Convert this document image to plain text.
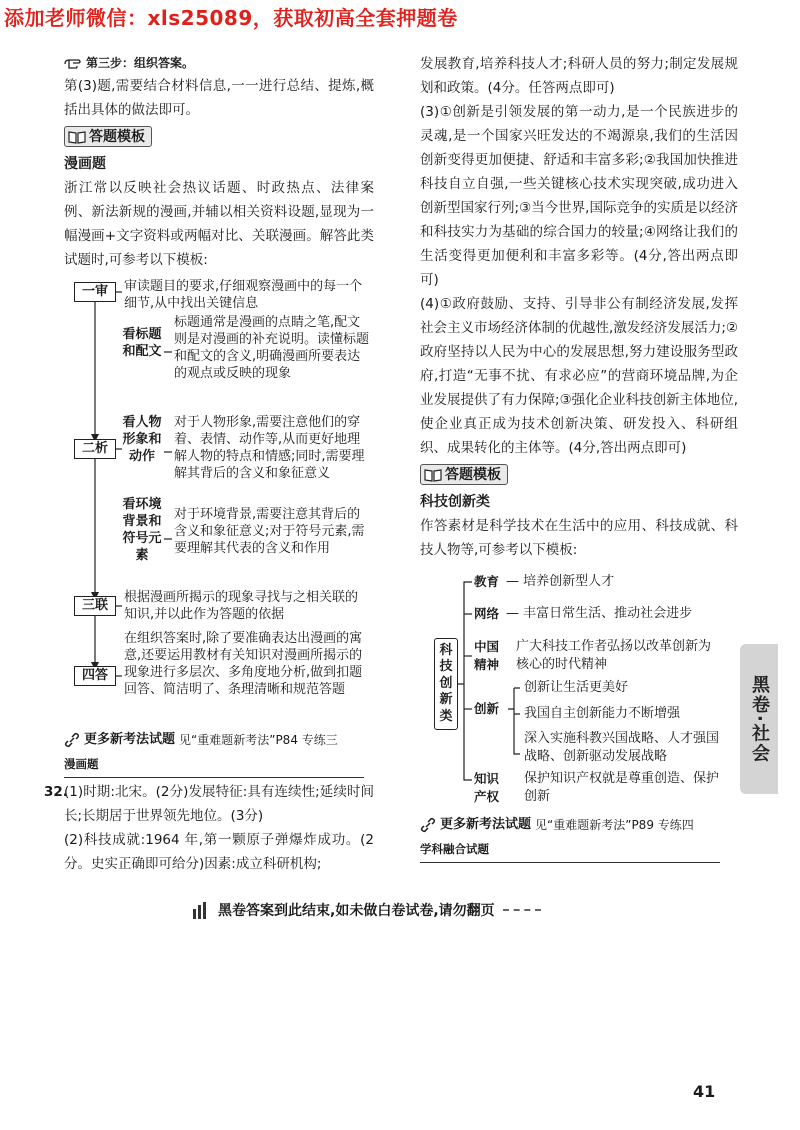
添加老师微信：xls25089，获取初高全套押题卷
第三步：组织答案。
第(3)题,需要结合材料信息,一一进行总结、提炼,概括出具体的做法即可。
答题模板
漫画题
浙江常以反映社会热议话题、时政热点、法律案例、新法新规的漫画,并辅以相关资料设题,显现为一幅漫画+文字资料或两幅对比、关联漫画。解答此类试题时,可参考以下模板:
一审	审读题目的要求,仔细观察漫画中的每一个细节,从中找出关键信息
看标题和配文
标题通常是漫画的点睛之笔,配文则是对漫画的补充说明。读懂标题和配文的含义,明确漫画所要表达的观点或反映的现象
二析
看人物形象和动作
对于人物形象,需要注意他们的穿着、表情、动作等,从而更好地理解人物的特点和情感;同时,需要理解其背后的含义和象征意义
看环境背景和符号元素
对于环境背景,需要注意其背后的含义和象征意义;对于符号元素,需要理解其代表的含义和作用
三联
根据漫画所揭示的现象寻找与之相关联的知识,并以此作为答题的依据
四答
在组织答案时,除了要准确表达出漫画的寓意,还要运用教材有关知识对漫画所揭示的现象进行多层次、多角度地分析,做到扣题回答、简洁明了、条理清晰和规范答题
更多新考法试题 见“重难题新考法”P84 专练三
漫画题
32.
(1)时期:北宋。(2分)发展特征:具有连续性;延续时间长;长期居于世界领先地位。(3分)
(2)科技成就:1964 年,第一颗原子弹爆炸成功。(2分。史实正确即可给分)因素:成立科研机构;
发展教育,培养科技人才;科研人员的努力;制定发展规划和政策。(4分。任答两点即可)
(3)①创新是引领发展的第一动力,是一个民族进步的灵魂,是一个国家兴旺发达的不竭源泉,我们的生活因创新变得更加便捷、舒适和丰富多彩;②我国加快推进科技自立自强,一些关键核心技术实现突破,成功进入创新型国家行列;③当今世界,国际竞争的实质是以经济和科技实力为基础的综合国力的较量;④网络让我们的生活变得更加便利和丰富多彩等。(4分,答出两点即可)
(4)①政府鼓励、支持、引导非公有制经济发展,发挥社会主义市场经济体制的优越性,激发经济发展活力;②政府坚持以人民为中心的发展思想,努力建设服务型政府,打造“无事不扰、有求必应”的营商环境品牌,为企业发展提供了有力保障;③强化企业科技创新主体地位,使企业真正成为技术创新决策、研发投入、科研组织、成果转化的主体等。(4分,答出两点即可)
答题模板
科技创新类
作答素材是科学技术在生活中的应用、科技成就、科技人物等,可参考以下模板:
科技创新类
教育 — 培养创新型人才
网络 — 丰富日常生活、推动社会进步
中国精神
广大科技工作者弘扬以改革创新为核心的时代精神
创新
创新让生活更美好
我国自主创新能力不断增强
深入实施科教兴国战略、人才强国战略、创新驱动发展战略
知识产权
保护知识产权就是尊重创造、保护创新
更多新考法试题 见“重难题新考法”P89 专练四
学科融合试题
黑卷·社会
黑卷答案到此结束,如未做白卷试卷,请勿翻页
41
